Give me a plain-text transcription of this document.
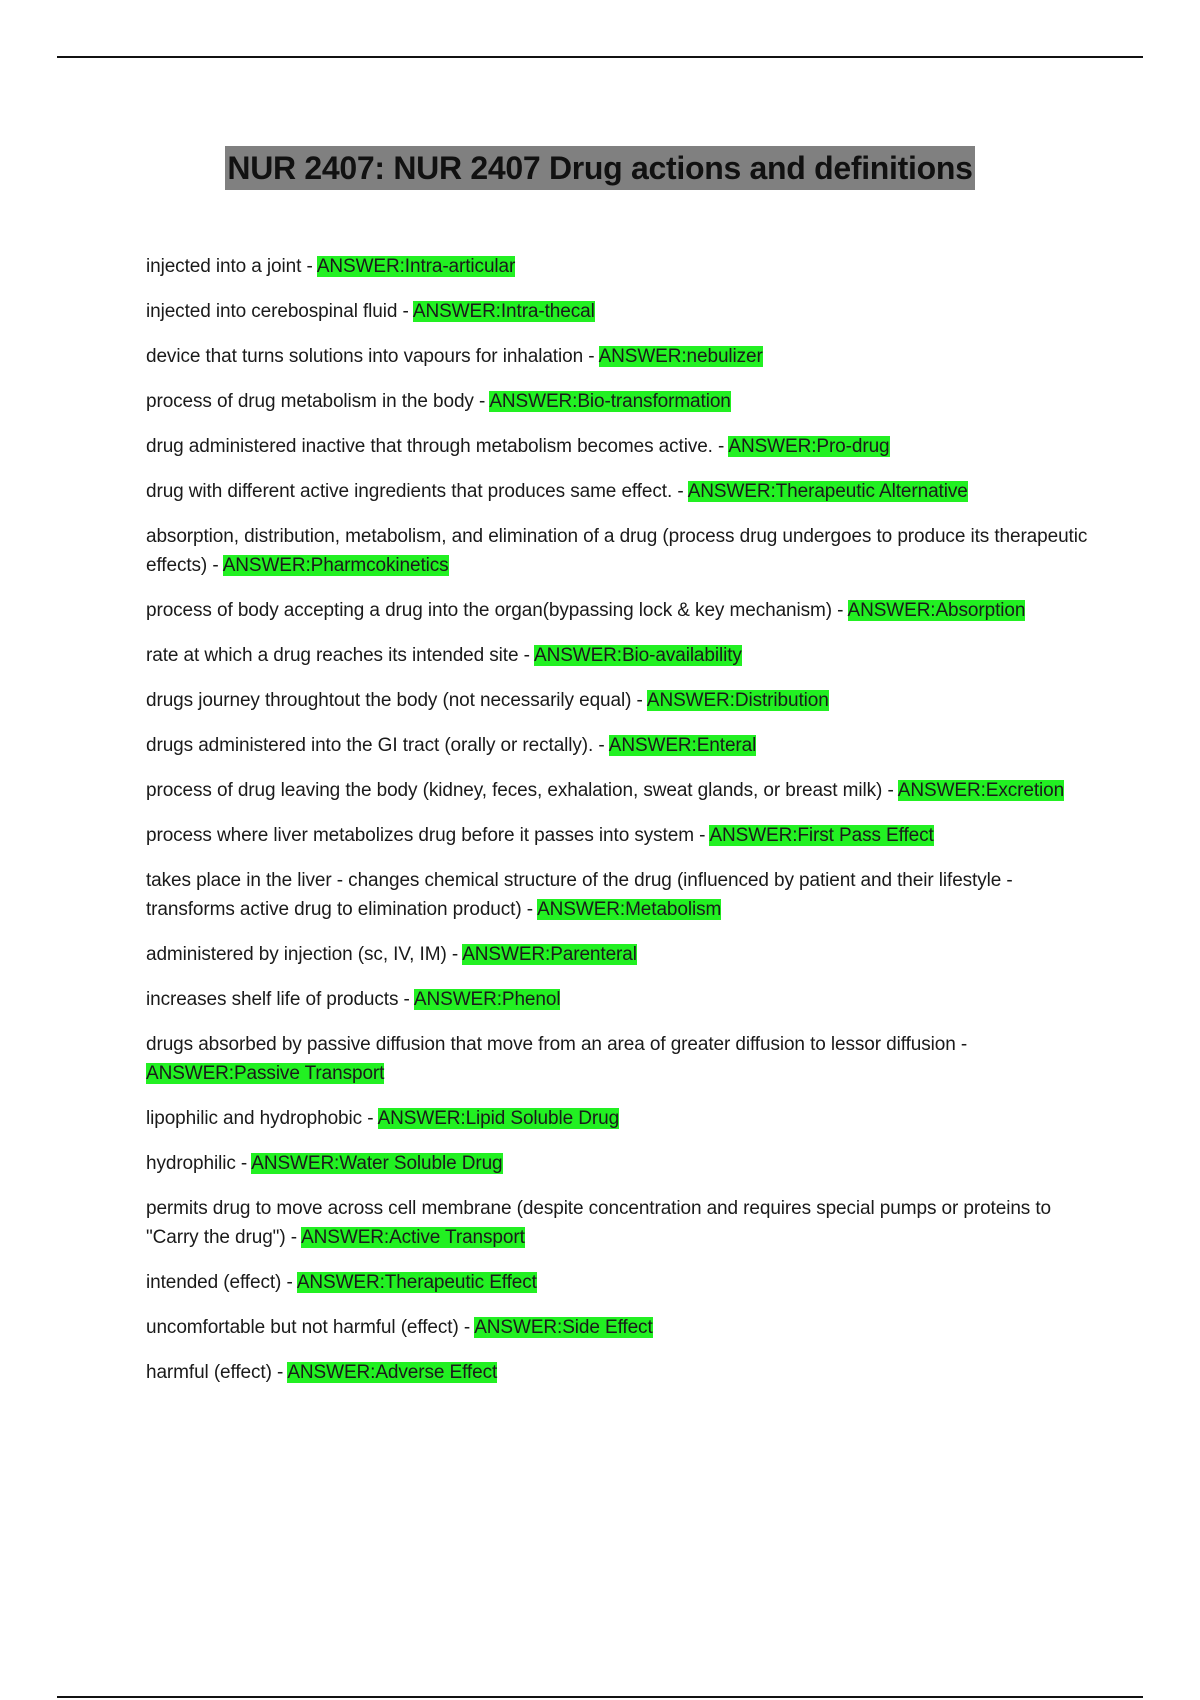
NUR 2407: NUR 2407 Drug actions and definitions
injected into a joint - ANSWER:Intra-articular
injected into cerebospinal fluid - ANSWER:Intra-thecal
device that turns solutions into vapours for inhalation - ANSWER:nebulizer
process of drug metabolism in the body - ANSWER:Bio-transformation
drug administered inactive that through metabolism becomes active. - ANSWER:Pro-drug
drug with different active ingredients that produces same effect. - ANSWER:Therapeutic Alternative
absorption, distribution, metabolism, and elimination of a drug (process drug undergoes to produce its therapeutic effects) - ANSWER:Pharmcokinetics
process of body accepting a drug into the organ(bypassing lock & key mechanism) - ANSWER:Absorption
rate at which a drug reaches its intended site - ANSWER:Bio-availability
drugs journey throughtout the body (not necessarily equal) - ANSWER:Distribution
drugs administered into the GI tract (orally or rectally). - ANSWER:Enteral
process of drug leaving the body (kidney, feces, exhalation, sweat glands, or breast milk) - ANSWER:Excretion
process where liver metabolizes drug before it passes into system - ANSWER:First Pass Effect
takes place in the liver - changes chemical structure of the drug (influenced by patient and their lifestyle - transforms active drug to elimination product) - ANSWER:Metabolism
administered by injection (sc, IV, IM) - ANSWER:Parenteral
increases shelf life of products - ANSWER:Phenol
drugs absorbed by passive diffusion that move from an area of greater diffusion to lessor diffusion - ANSWER:Passive Transport
lipophilic and hydrophobic - ANSWER:Lipid Soluble Drug
hydrophilic - ANSWER:Water Soluble Drug
permits drug to move across cell membrane (despite concentration and requires special pumps or proteins to "Carry the drug") - ANSWER:Active Transport
intended (effect) - ANSWER:Therapeutic Effect
uncomfortable but not harmful (effect) - ANSWER:Side Effect
harmful (effect) - ANSWER:Adverse Effect
